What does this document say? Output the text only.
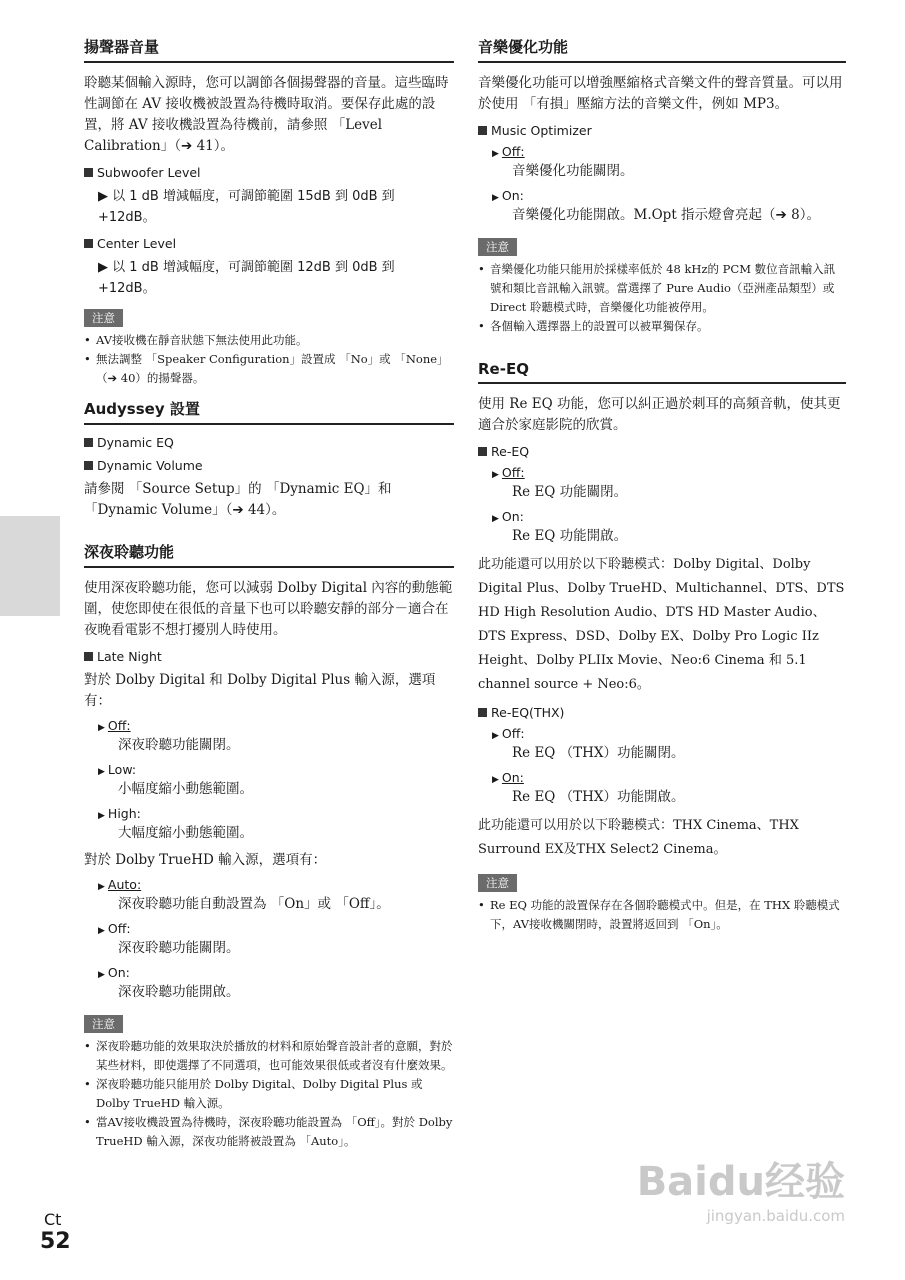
揚聲器音量

聆聽某個輸入源時，您可以調節各個揚聲器的音量。這些臨時性調節在 AV 接收機被設置為待機時取消。要保存此處的設置，將 AV 接收機設置為待機前，請參照 「Level Calibration」（➔ 41）。

Subwoofer Level
▶ 以 1 dB 增減幅度，可調節範圍 15dB 到 0dB 到 +12dB。
Center Level
▶ 以 1 dB 增減幅度，可調節範圍 12dB 到 0dB 到 +12dB。
注意
• AV接收機在靜音狀態下無法使用此功能。
• 無法調整 「Speaker Configuration」設置成 「No」或 「None」（➔ 40）的揚聲器。
Audyssey 設置
Dynamic EQ
Dynamic Volume

請參閱 「Source Setup」的 「Dynamic EQ」和 「Dynamic Volume」（➔ 44）。

深夜聆聽功能

使用深夜聆聽功能，您可以減弱 Dolby Digital 內容的動態範圍，使您即使在很低的音量下也可以聆聽安靜的部分－適合在夜晚看電影不想打擾別人時使用。

Late Night

對於 Dolby Digital 和 Dolby Digital Plus 輸入源，選項有：

▶ Off:
深夜聆聽功能關閉。
▶ Low:
小幅度縮小動態範圍。
▶ High:
大幅度縮小動態範圍。

對於 Dolby TrueHD 輸入源，選項有：

▶ Auto:
深夜聆聽功能自動設置為 「On」或 「Off」。
▶ Off:
深夜聆聽功能關閉。
▶ On:
深夜聆聽功能開啟。
注意
• 深夜聆聽功能的效果取決於播放的材料和原始聲音設計者的意願，對於某些材料，即使選擇了不同選項，也可能效果很低或者沒有什麼效果。
• 深夜聆聽功能只能用於 Dolby Digital、Dolby Digital Plus 或 Dolby TrueHD 輸入源。
• 當AV接收機設置為待機時，深夜聆聽功能設置為 「Off」。對於 Dolby TrueHD 輸入源，深夜功能將被設置為 「Auto」。
音樂優化功能

音樂優化功能可以增強壓縮格式音樂文件的聲音質量。可以用於使用 「有損」壓縮方法的音樂文件，例如 MP3。

Music Optimizer
▶ Off:
音樂優化功能關閉。
▶ On:
音樂優化功能開啟。M.Opt 指示燈會亮起（➔ 8）。
注意
• 音樂優化功能只能用於採樣率低於 48 kHz的 PCM 數位音訊輸入訊號和類比音訊輸入訊號。當選擇了 Pure Audio（亞洲產品類型）或 Direct 聆聽模式時，音樂優化功能被停用。
• 各個輸入選擇器上的設置可以被單獨保存。
Re-EQ

使用 Re EQ 功能，您可以糾正過於刺耳的高頻音軌，使其更適合於家庭影院的欣賞。

Re-EQ
▶ Off:
Re EQ 功能關閉。
▶ On:
Re EQ 功能開啟。

此功能還可以用於以下聆聽模式：Dolby Digital、Dolby Digital Plus、Dolby TrueHD、Multichannel、DTS、DTS HD High Resolution Audio、DTS HD Master Audio、DTS Express、DSD、Dolby EX、Dolby Pro Logic IIz Height、Dolby PLIIx Movie、Neo:6 Cinema 和 5.1 channel source + Neo:6。

Re-EQ(THX)
▶ Off:
Re EQ （THX）功能關閉。
▶ On:
Re EQ （THX）功能開啟。

此功能還可以用於以下聆聽模式：THX Cinema、THX Surround EX及THX Select2 Cinema。

注意
• Re EQ 功能的設置保存在各個聆聽模式中。但是，在 THX 聆聽模式下，AV接收機關閉時，設置將返回到 「On」。
Ct
52
Baidu经验
jingyan.baidu.com
